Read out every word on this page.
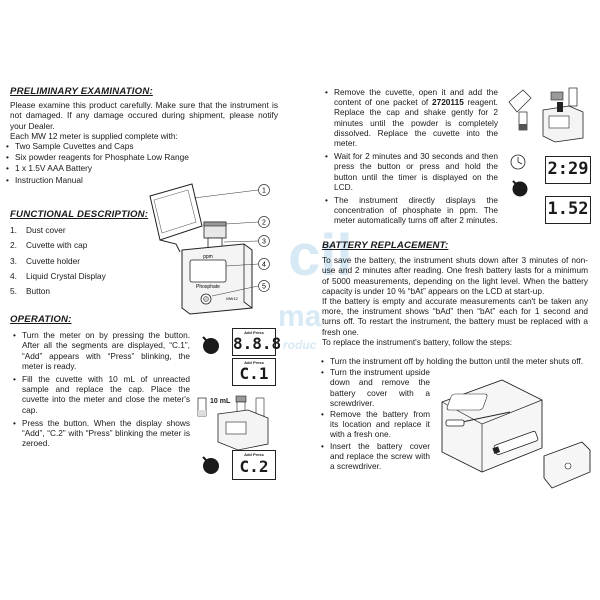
cil
ma
roduc
PRELIMINARY EXAMINATION:

Please examine this product carefully. Make sure that the instrument is not damaged. If any damage occured during shipment, please notify your Dealer.

Each MW 12 meter is supplied complete with:

• Two Sample Cuvettes and Caps
• Six powder reagents for Phosphate Low Range
• 1 x 1.5V AAA Battery
• Instruction Manual
FUNCTIONAL DESCRIPTION:
1. Dust cover
2. Cuvette with cap
3. Cuvette holder
4. Liquid Crystal Display
5. Button
ppm
Phosphate
MW12
1
2
3
4
5
OPERATION:
• Turn the meter on by pressing the button. After all the segments are displayed, “C.1”, “Add” appears with “Press” blinking, the meter is ready.
• Fill the cuvette with 10 mL of unreacted sample and replace the cap. Place the cuvette into the meter and close the meter's cap.
• Press the button. When the display shows “Add”, “C.2” with “Press” blinking the meter is zeroed.
Add Press
8.8.8
Add Press
C.1
10 mL
Add Press
C.2
• Remove the cuvette, open it and add the content of one packet of 2720115 reagent. Replace the cap and shake gently for 2 minutes until the powder is completely dissolved. Replace the cuvette into the meter.
• Wait for 2 minutes and 30 seconds and then press the button or press and hold the button until the timer is displayed on the LCD.
• The instrument directly displays the concentration of phosphate in ppm. The meter automatically turns off after 2 minutes.
2:29
1.52
BATTERY REPLACEMENT:

To save the battery, the instrument shuts down after 3 minutes of non-use and 2 minutes after reading. One fresh battery lasts for a minimum of 5000 measurements, depending on the light level. When the battery capacity is under 10 % “bAt” appears on the LCD at start-up.

If the battery is empty and accurate measurements can't be taken any more, the instrument shows “bAd” then “bAt” each for 1 second and turns off. To restart the instrument, the battery must be replaced with a fresh one.

To replace the instrument's battery, follow the steps:

• Turn the instrument off by holding the button until the meter shuts off.
• Turn the instrument upside down and remove the battery cover with a screwdriver.
• Remove the battery from its location and replace it with a fresh one.
• Insert the battery cover and replace the screw with a screwdriver.
